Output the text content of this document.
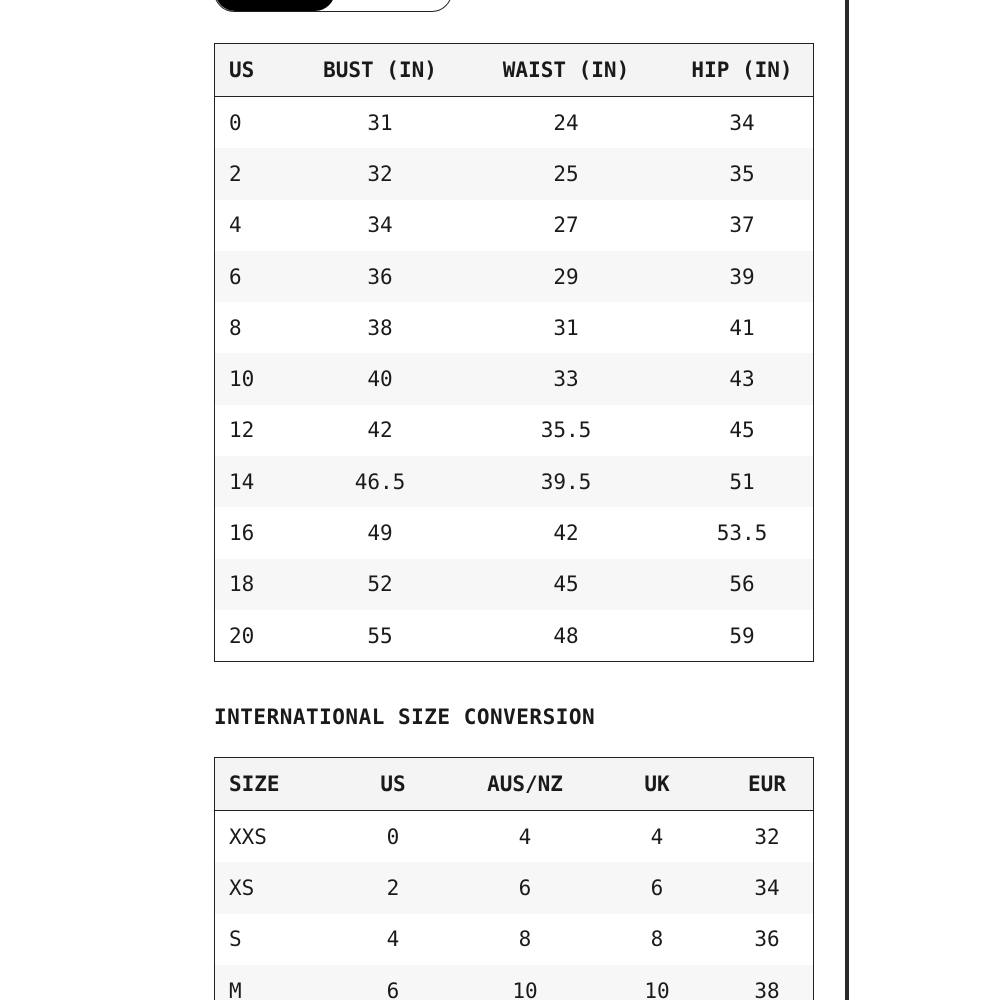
US	BUST (IN)	WAIST (IN)	HIP (IN)
0	31	24	34
2	32	25	35
4	34	27	37
6	36	29	39
8	38	31	41
10	40	33	43
12	42	35.5	45
14	46.5	39.5	51
16	49	42	53.5
18	52	45	56
20	55	48	59
INTERNATIONAL SIZE CONVERSION
SIZE	US	AUS/NZ	UK	EUR
XXS	0	4	4	32
XS	2	6	6	34
S	4	8	8	36
M	6	10	10	38
